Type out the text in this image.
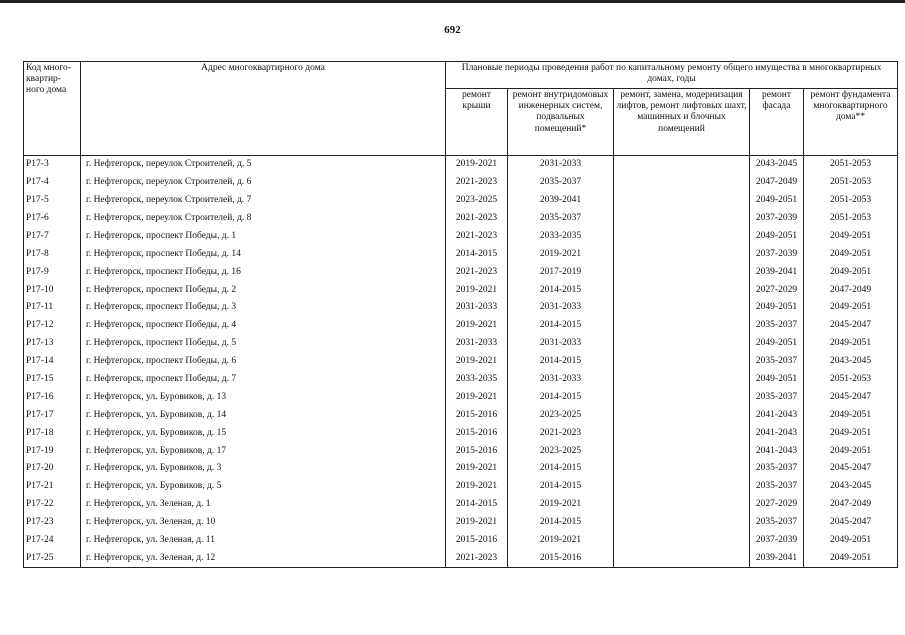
692
Код много-квартир-ного дома	Адрес многоквартирного дома	Плановые периоды проведения работ по капитальному ремонту общего имущества в многоквартирных домах, годы				
		ремонт крыши	ремонт внутридомовых инженерных систем, подвальных помещений*	ремонт, замена, модернизация лифтов, ремонт лифтовых шахт, машинных и блочных помещений	ремонт фасада	ремонт фундамента многоквартирного дома**
Р17-3	г. Нефтегорск, переулок Строителей, д. 5	2019-2021	2031-2033		2043-2045	2051-2053
Р17-4	г. Нефтегорск, переулок Строителей, д. 6	2021-2023	2035-2037		2047-2049	2051-2053
Р17-5	г. Нефтегорск, переулок Строителей, д. 7	2023-2025	2039-2041		2049-2051	2051-2053
Р17-6	г. Нефтегорск, переулок Строителей, д. 8	2021-2023	2035-2037		2037-2039	2051-2053
Р17-7	г. Нефтегорск, проспект Победы, д. 1	2021-2023	2033-2035		2049-2051	2049-2051
Р17-8	г. Нефтегорск, проспект Победы, д. 14	2014-2015	2019-2021		2037-2039	2049-2051
Р17-9	г. Нефтегорск, проспект Победы, д. 16	2021-2023	2017-2019		2039-2041	2049-2051
Р17-10	г. Нефтегорск, проспект Победы, д. 2	2019-2021	2014-2015		2027-2029	2047-2049
Р17-11	г. Нефтегорск, проспект Победы, д. 3	2031-2033	2031-2033		2049-2051	2049-2051
Р17-12	г. Нефтегорск, проспект Победы, д. 4	2019-2021	2014-2015		2035-2037	2045-2047
Р17-13	г. Нефтегорск, проспект Победы, д. 5	2031-2033	2031-2033		2049-2051	2049-2051
Р17-14	г. Нефтегорск, проспект Победы, д. 6	2019-2021	2014-2015		2035-2037	2043-2045
Р17-15	г. Нефтегорск, проспект Победы, д. 7	2033-2035	2031-2033		2049-2051	2051-2053
Р17-16	г. Нефтегорск, ул. Буровиков, д. 13	2019-2021	2014-2015		2035-2037	2045-2047
Р17-17	г. Нефтегорск, ул. Буровиков, д. 14	2015-2016	2023-2025		2041-2043	2049-2051
Р17-18	г. Нефтегорск, ул. Буровиков, д. 15	2015-2016	2021-2023		2041-2043	2049-2051
Р17-19	г. Нефтегорск, ул. Буровиков, д. 17	2015-2016	2023-2025		2041-2043	2049-2051
Р17-20	г. Нефтегорск, ул. Буровиков, д. 3	2019-2021	2014-2015		2035-2037	2045-2047
Р17-21	г. Нефтегорск, ул. Буровиков, д. 5	2019-2021	2014-2015		2035-2037	2043-2045
Р17-22	г. Нефтегорск, ул. Зеленая, д. 1	2014-2015	2019-2021		2027-2029	2047-2049
Р17-23	г. Нефтегорск, ул. Зеленая, д. 10	2019-2021	2014-2015		2035-2037	2045-2047
Р17-24	г. Нефтегорск, ул. Зеленая, д. 11	2015-2016	2019-2021		2037-2039	2049-2051
Р17-25	г. Нефтегорск, ул. Зеленая, д. 12	2021-2023	2015-2016		2039-2041	2049-2051
